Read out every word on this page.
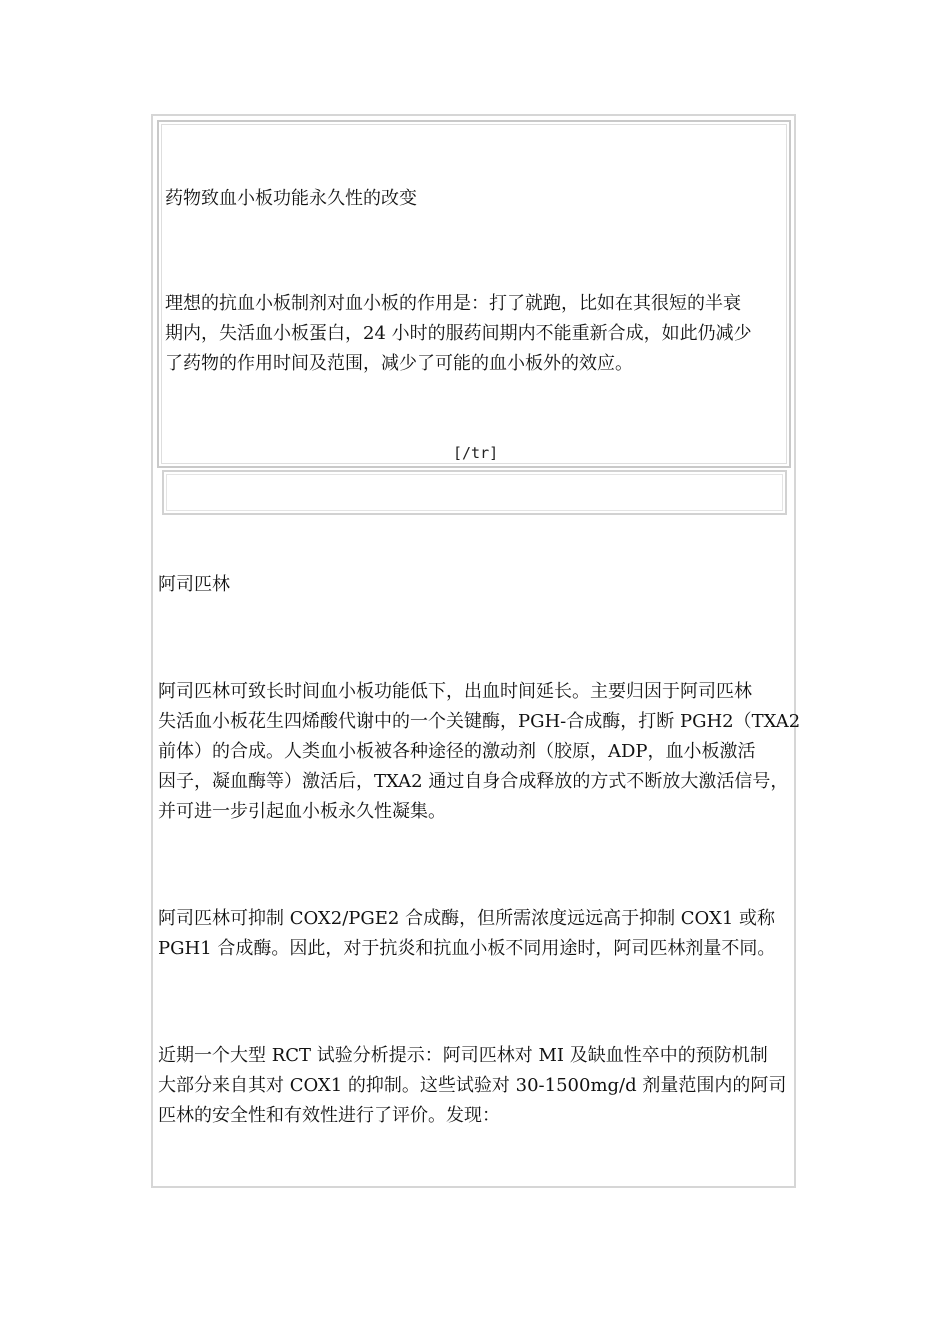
药物致血小板功能永久性的改变

理想的抗血小板制剂对血小板的作用是：打了就跑，比如在其很短的半衰

期内，失活血小板蛋白，24 小时的服药间期内不能重新合成，如此仍减少

了药物的作用时间及范围，减少了可能的血小板外的效应。

[/tr]

阿司匹林

阿司匹林可致长时间血小板功能低下，出血时间延长。主要归因于阿司匹林

失活血小板花生四烯酸代谢中的一个关键酶，PGH-合成酶，打断 PGH2（TXA2

前体）的合成。人类血小板被各种途径的激动剂（胶原，ADP，血小板激活

因子，凝血酶等）激活后，TXA2 通过自身合成释放的方式不断放大激活信号，

并可进一步引起血小板永久性凝集。

阿司匹林可抑制 COX2/PGE2 合成酶，但所需浓度远远高于抑制 COX1 或称

PGH1 合成酶。因此，对于抗炎和抗血小板不同用途时，阿司匹林剂量不同。

近期一个大型 RCT 试验分析提示：阿司匹林对 MI 及缺血性卒中的预防机制

大部分来自其对 COX1 的抑制。这些试验对 30-1500mg/d 剂量范围内的阿司

匹林的安全性和有效性进行了评价。发现：
